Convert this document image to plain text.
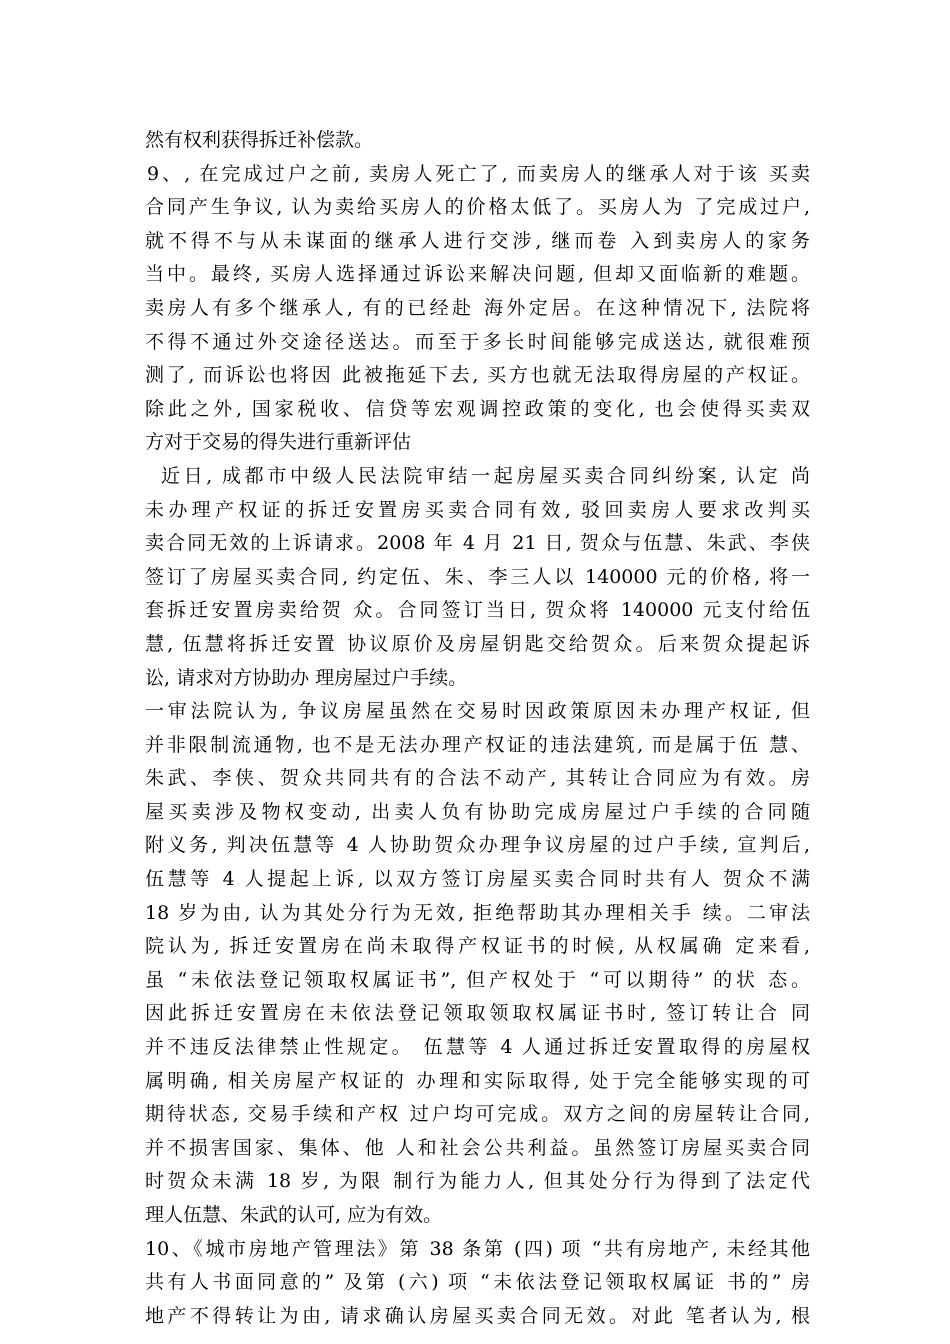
然有权利获得拆迁补偿款。
9、, 在完成过户之前, 卖房人死亡了, 而卖房人的继承人对于该 买卖
合同产生争议, 认为卖给买房人的价格太低了。买房人为 了完成过户,
就不得不与从未谋面的继承人进行交涉, 继而卷 入到卖房人的家务
当中。最终, 买房人选择通过诉讼来解决问题, 但却又面临新的难题。
卖房人有多个继承人, 有的已经赴 海外定居。在这种情况下, 法院将
不得不通过外交途径送达。而至于多长时间能够完成送达, 就很难预
测了, 而诉讼也将因 此被拖延下去, 买方也就无法取得房屋的产权证。
除此之外, 国家税收、信贷等宏观调控政策的变化, 也会使得买卖双
方对于交易的得失进行重新评估
近日, 成都市中级人民法院审结一起房屋买卖合同纠纷案, 认定 尚
未办理产权证的拆迁安置房买卖合同有效, 驳回卖房人要求改判买
卖合同无效的上诉请求。2008 年 4 月 21 日, 贺众与伍慧、朱武、李侠
签订了房屋买卖合同, 约定伍、朱、李三人以 140000 元的价格, 将一
套拆迁安置房卖给贺 众。合同签订当日, 贺众将 140000 元支付给伍
慧, 伍慧将拆迁安置 协议原价及房屋钥匙交给贺众。后来贺众提起诉
讼, 请求对方协助办 理房屋过户手续。
一审法院认为, 争议房屋虽然在交易时因政策原因未办理产权证, 但
并非限制流通物, 也不是无法办理产权证的违法建筑, 而是属于伍 慧、
朱武、李侠、贺众共同共有的合法不动产, 其转让合同应为有效。房
屋买卖涉及物权变动, 出卖人负有协助完成房屋过户手续的合同随
附义务, 判决伍慧等 4 人协助贺众办理争议房屋的过户手续, 宣判后,
伍慧等 4 人提起上诉, 以双方签订房屋买卖合同时共有人 贺众不满
18 岁为由, 认为其处分行为无效, 拒绝帮助其办理相关手 续。二审法
院认为, 拆迁安置房在尚未取得产权证书的时候, 从权属确 定来看,
虽 “未依法登记领取权属证书”, 但产权处于 “可以期待” 的状 态。
因此拆迁安置房在未依法登记领取领取权属证书时, 签订转让合 同
并不违反法律禁止性规定。 伍慧等 4 人通过拆迁安置取得的房屋权
属明确, 相关房屋产权证的 办理和实际取得, 处于完全能够实现的可
期待状态, 交易手续和产权 过户均可完成。双方之间的房屋转让合同,
并不损害国家、集体、他 人和社会公共利益。虽然签订房屋买卖合同
时贺众未满 18 岁, 为限 制行为能力人, 但其处分行为得到了法定代
理人伍慧、朱武的认可, 应为有效。
10、《城市房地产管理法》第 38 条第 (四) 项 “共有房地产, 未经其他
共有人书面同意的” 及第 (六) 项 “未依法登记领取权属证 书的” 房
地产不得转让为由, 请求确认房屋买卖合同无效。对此 笔者认为, 根
